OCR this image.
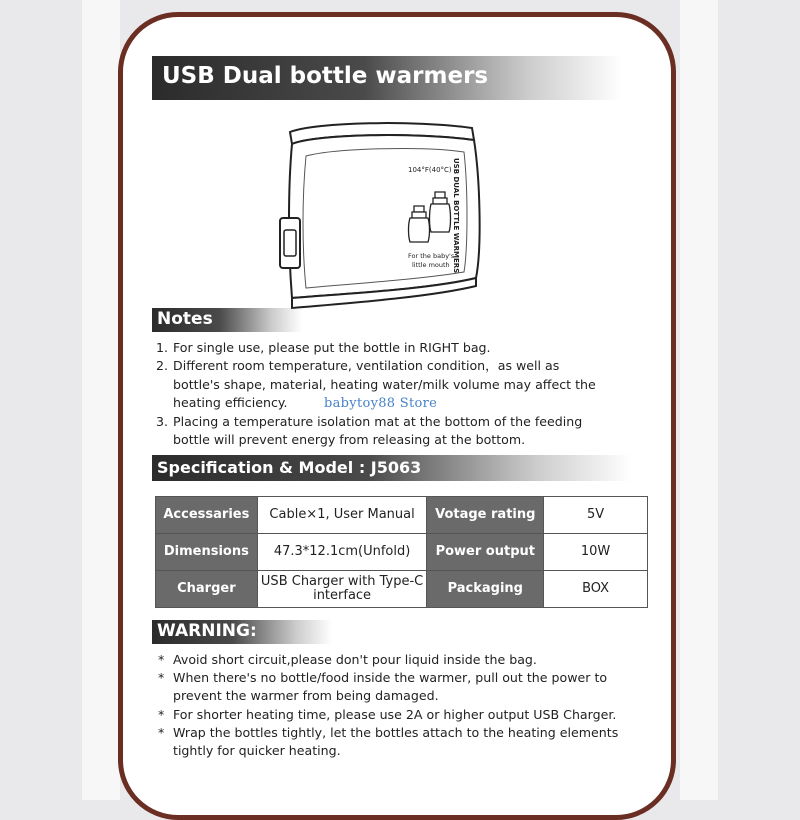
USB Dual bottle warmers
104°F(40°C) USB DUAL BOTTLE WARMERS
For the baby's
little mouth
Notes
1. For single use, please put the bottle in RIGHT bag.
2. Different room temperature, ventilation condition，as well as
bottle's shape, material, heating water/milk volume may affect the
heating efficiency.
3. Placing a temperature isolation mat at the bottom of the feeding
bottle will prevent energy from releasing at the bottom.
babytoy88 Store
Specification & Model : J5063
Accessaries	Cable×1, User Manual	Votage rating	5V
Dimensions	47.3*12.1cm(Unfold)	Power output	10W
Charger	USB Charger with Type-C interface	Packaging	BOX
WARNING:
* Avoid short circuit,please don't pour liquid inside the bag.
* When there's no bottle/food inside the warmer, pull out the power to
prevent the warmer from being damaged.
* For shorter heating time, please use 2A or higher output USB Charger.
* Wrap the bottles tightly, let the bottles attach to the heating elements
tightly for quicker heating.
